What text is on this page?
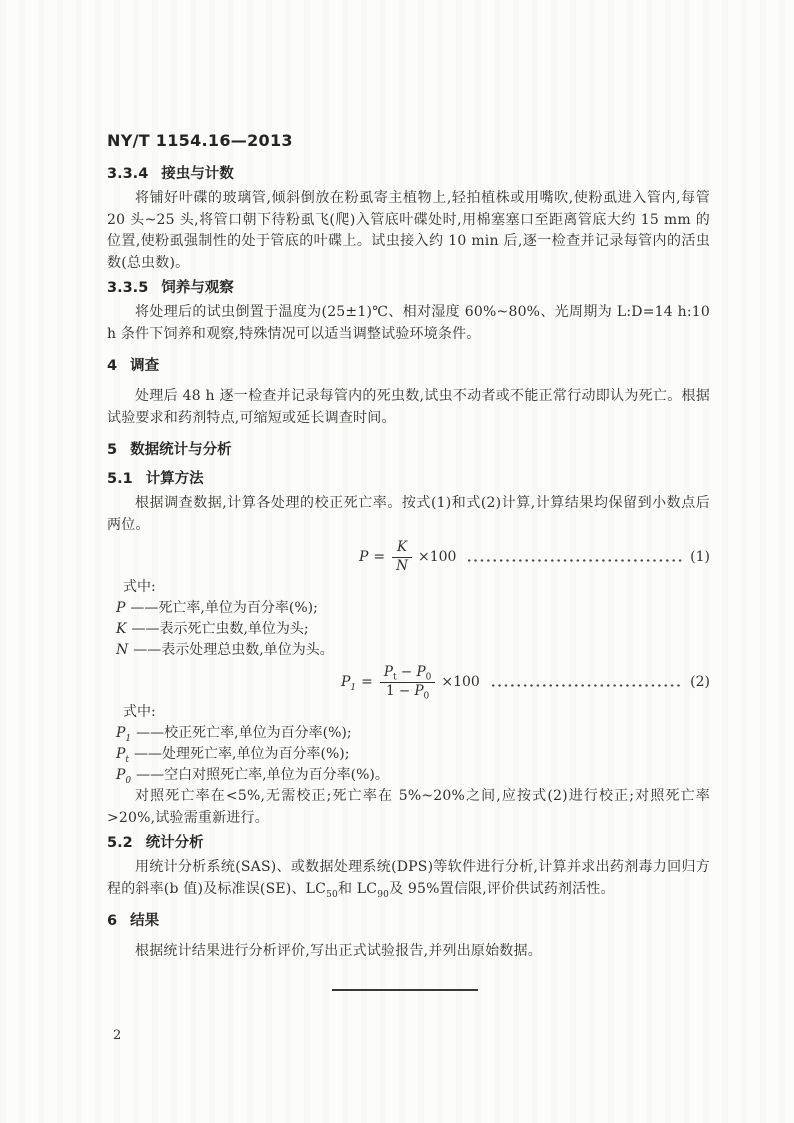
NY/T 1154.16—2013
3.3.4 接虫与计数

将铺好叶碟的玻璃管,倾斜倒放在粉虱寄主植物上,轻拍植株或用嘴吹,使粉虱进入管内,每管 20 头~25 头,将管口朝下待粉虱飞(爬)入管底叶碟处时,用棉塞塞口至距离管底大约 15 mm 的位置,使粉虱强制性的处于管底的叶碟上。试虫接入约 10 min 后,逐一检查并记录每管内的活虫数(总虫数)。

3.3.5 饲养与观察

将处理后的试虫倒置于温度为(25±1)℃、相对湿度 60%~80%、光周期为 L:D=14 h:10 h 条件下饲养和观察,特殊情况可以适当调整试验环境条件。

4 调查

处理后 48 h 逐一检查并记录每管内的死虫数,试虫不动者或不能正常行动即认为死亡。根据试验要求和药剂特点,可缩短或延长调查时间。

5 数据统计与分析
5.1 计算方法

根据调查数据,计算各处理的校正死亡率。按式(1)和式(2)计算,计算结果均保留到小数点后两位。

$P = \frac{K}{N} \times 100$	(1)
式中:
P ——死亡率,单位为百分率(%);
K ——表示死亡虫数,单位为头;
N ——表示处理总虫数,单位为头。
$P_1 = \frac{P_t - P_0}{1 - P_0} \times 100$	(2)
式中:
$P_1$ ——校正死亡率,单位为百分率(%);
$P_t$ ——处理死亡率,单位为百分率(%);
$P_0$ ——空白对照死亡率,单位为百分率(%)。

对照死亡率在<5%,无需校正;死亡率在 5%~20%之间,应按式(2)进行校正;对照死亡率>20%,试验需重新进行。

5.2 统计分析

用统计分析系统(SAS)、或数据处理系统(DPS)等软件进行分析,计算并求出药剂毒力回归方程的斜率(b 值)及标准误(SE)、$LC_{50}$和 $LC_{90}$及 95%置信限,评价供试药剂活性。

6 结果

根据统计结果进行分析评价,写出正式试验报告,并列出原始数据。

2
